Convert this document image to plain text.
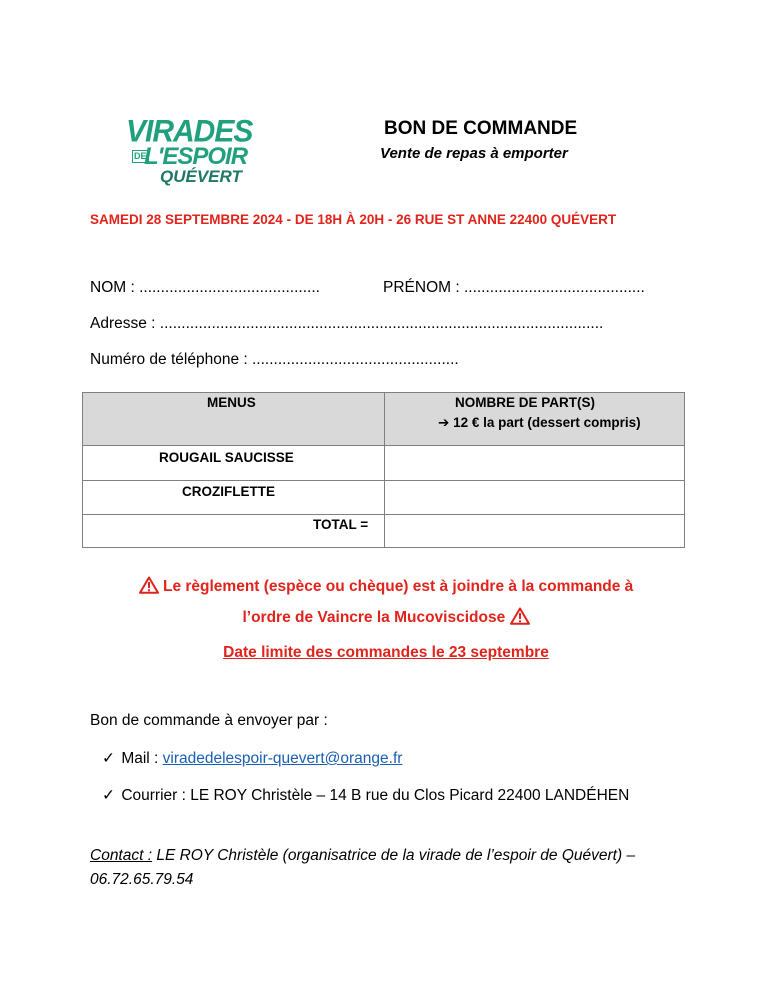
VIRADES
DE
L'ESPOIR
QUÉVERT
BON DE COMMANDE
Vente de repas à emporter
SAMEDI 28 SEPTEMBRE 2024 - DE 18H À 20H - 26 RUE ST ANNE 22400 QUÉVERT
NOM : ..........................................	PRÉNOM : ..........................................
Adresse : .......................................................................................................
Numéro de téléphone : ................................................
MENUS	NOMBRE DE PART(S)
➔ 12 € la part (dessert compris)
ROUGAIL SAUCISSE
CROZIFLETTE
TOTAL =
Le règlement (espèce ou chèque) est à joindre à la commande à
l’ordre de Vaincre la Mucoviscidose
Date limite des commandes le 23 septembre
Bon de commande à envoyer par :
✓ Mail : viradedelespoir-quevert@orange.fr
✓ Courrier : LE ROY Christèle – 14 B rue du Clos Picard 22400 LANDÉHEN
Contact : LE ROY Christèle (organisatrice de la virade de l’espoir de Quévert) – 06.72.65.79.54
